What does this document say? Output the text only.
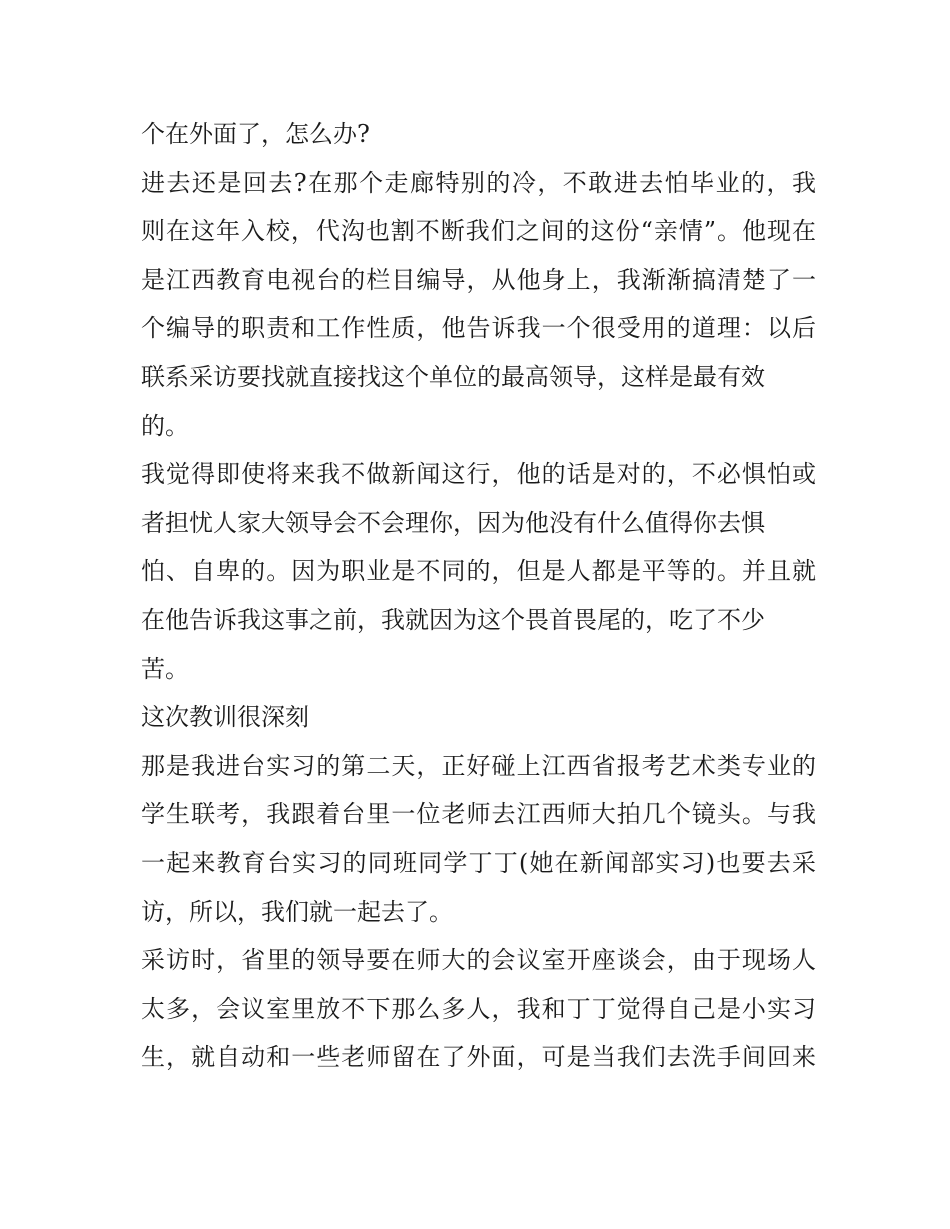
个在外面了，怎么办?
进去还是回去?在那个走廊特别的冷，不敢进去怕毕业的，我
则在这年入校，代沟也割不断我们之间的这份“亲情”。他现在
是江西教育电视台的栏目编导，从他身上，我渐渐搞清楚了一
个编导的职责和工作性质，他告诉我一个很受用的道理：以后
联系采访要找就直接找这个单位的最高领导，这样是最有效
的。
我觉得即使将来我不做新闻这行，他的话是对的，不必惧怕或
者担忧人家大领导会不会理你，因为他没有什么值得你去惧
怕、自卑的。因为职业是不同的，但是人都是平等的。并且就
在他告诉我这事之前，我就因为这个畏首畏尾的，吃了不少
苦。
这次教训很深刻
那是我进台实习的第二天，正好碰上江西省报考艺术类专业的
学生联考，我跟着台里一位老师去江西师大拍几个镜头。与我
一起来教育台实习的同班同学丁丁(她在新闻部实习)也要去采
访，所以，我们就一起去了。
采访时，省里的领导要在师大的会议室开座谈会，由于现场人
太多，会议室里放不下那么多人，我和丁丁觉得自己是小实习
生，就自动和一些老师留在了外面，可是当我们去洗手间回来
